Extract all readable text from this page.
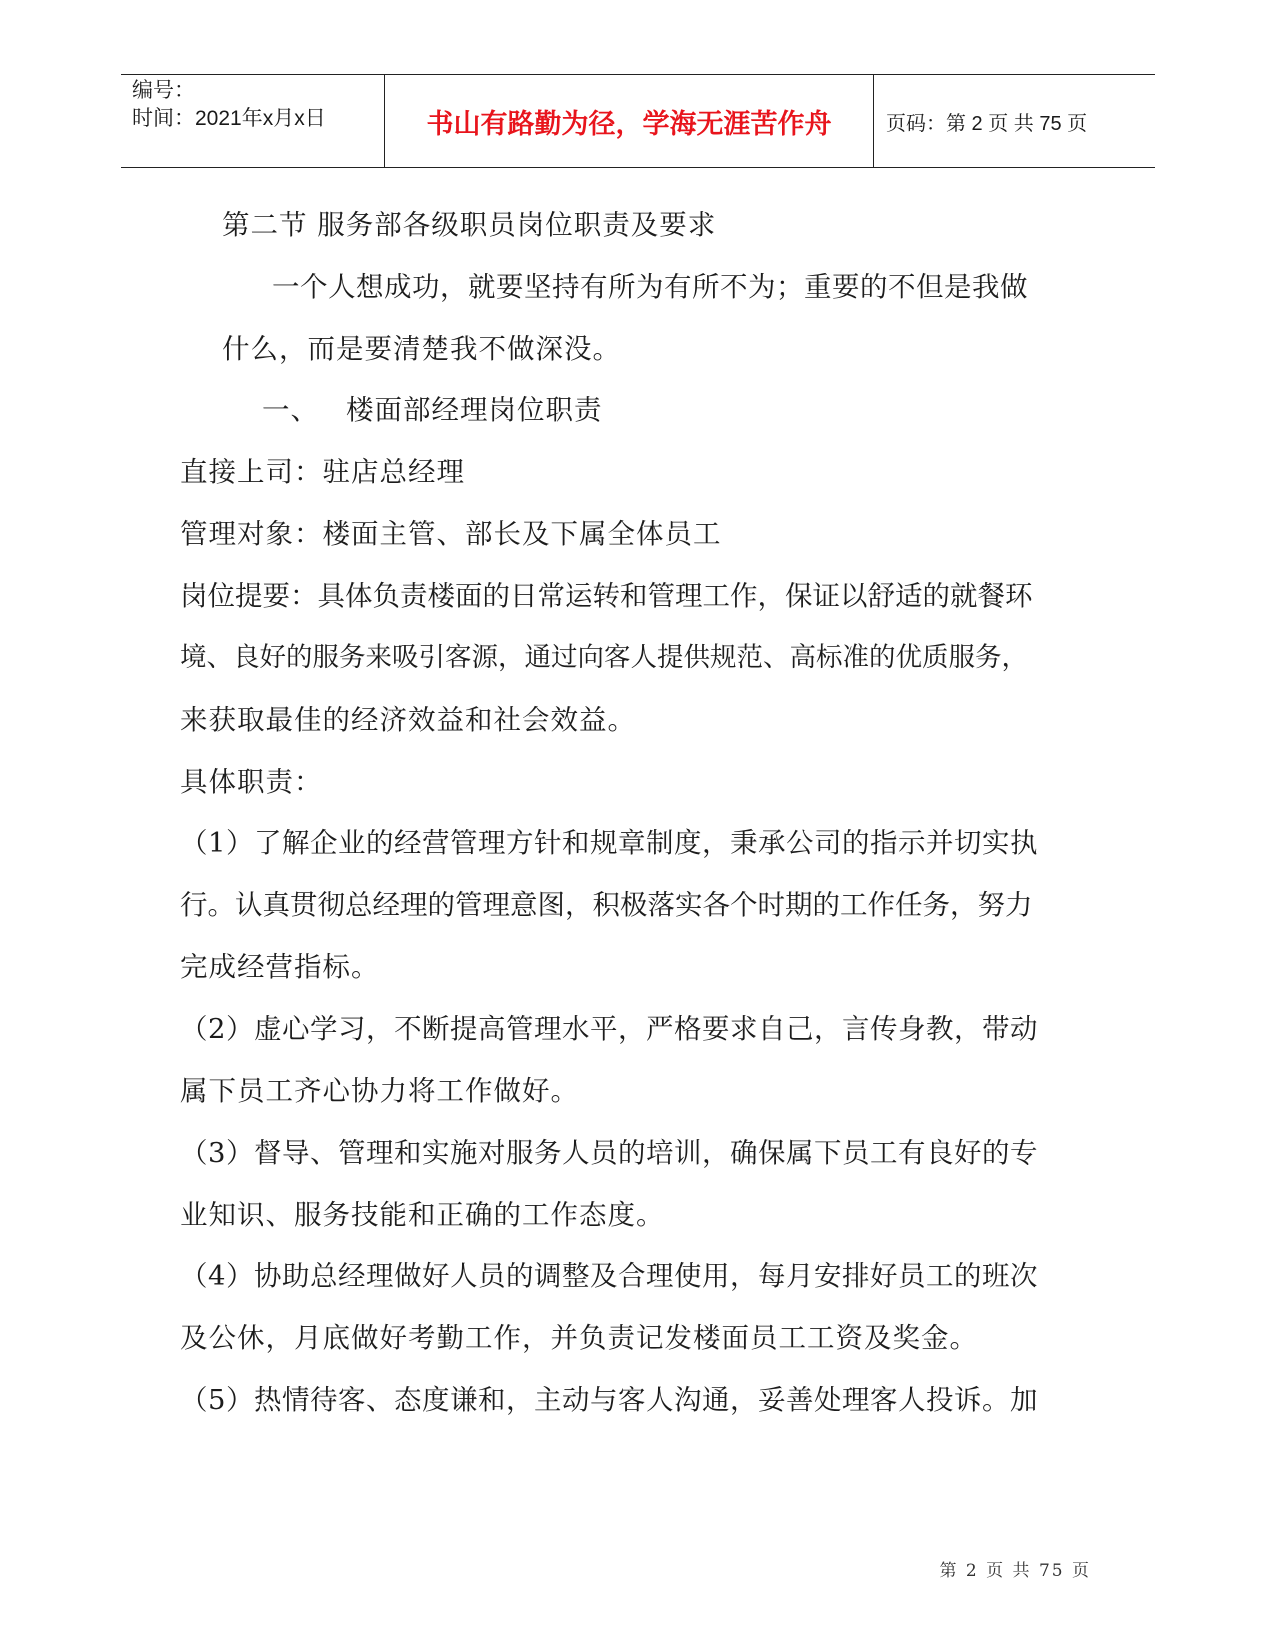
编号：
时间：2021年x月x日	书山有路勤为径，学海无涯苦作舟	页码：第 2 页 共 75 页
第二节 服务部各级职员岗位职责及要求
一个人想成功，就要坚持有所为有所不为；重要的不但是我做
什么，而是要清楚我不做深没。
一、 楼面部经理岗位职责
直接上司：驻店总经理
管理对象：楼面主管、部长及下属全体员工
岗位提要：具体负责楼面的日常运转和管理工作，保证以舒适的就餐环
境、良好的服务来吸引客源，通过向客人提供规范、高标准的优质服务，
来获取最佳的经济效益和社会效益。
具体职责：
（1）了解企业的经营管理方针和规章制度，秉承公司的指示并切实执
行。认真贯彻总经理的管理意图，积极落实各个时期的工作任务，努力
完成经营指标。
（2）虚心学习，不断提高管理水平，严格要求自己，言传身教，带动
属下员工齐心协力将工作做好。
（3）督导、管理和实施对服务人员的培训，确保属下员工有良好的专
业知识、服务技能和正确的工作态度。
（4）协助总经理做好人员的调整及合理使用，每月安排好员工的班次
及公休，月底做好考勤工作，并负责记发楼面员工工资及奖金。
（5）热情待客、态度谦和，主动与客人沟通，妥善处理客人投诉。加
第 2 页 共 75 页
